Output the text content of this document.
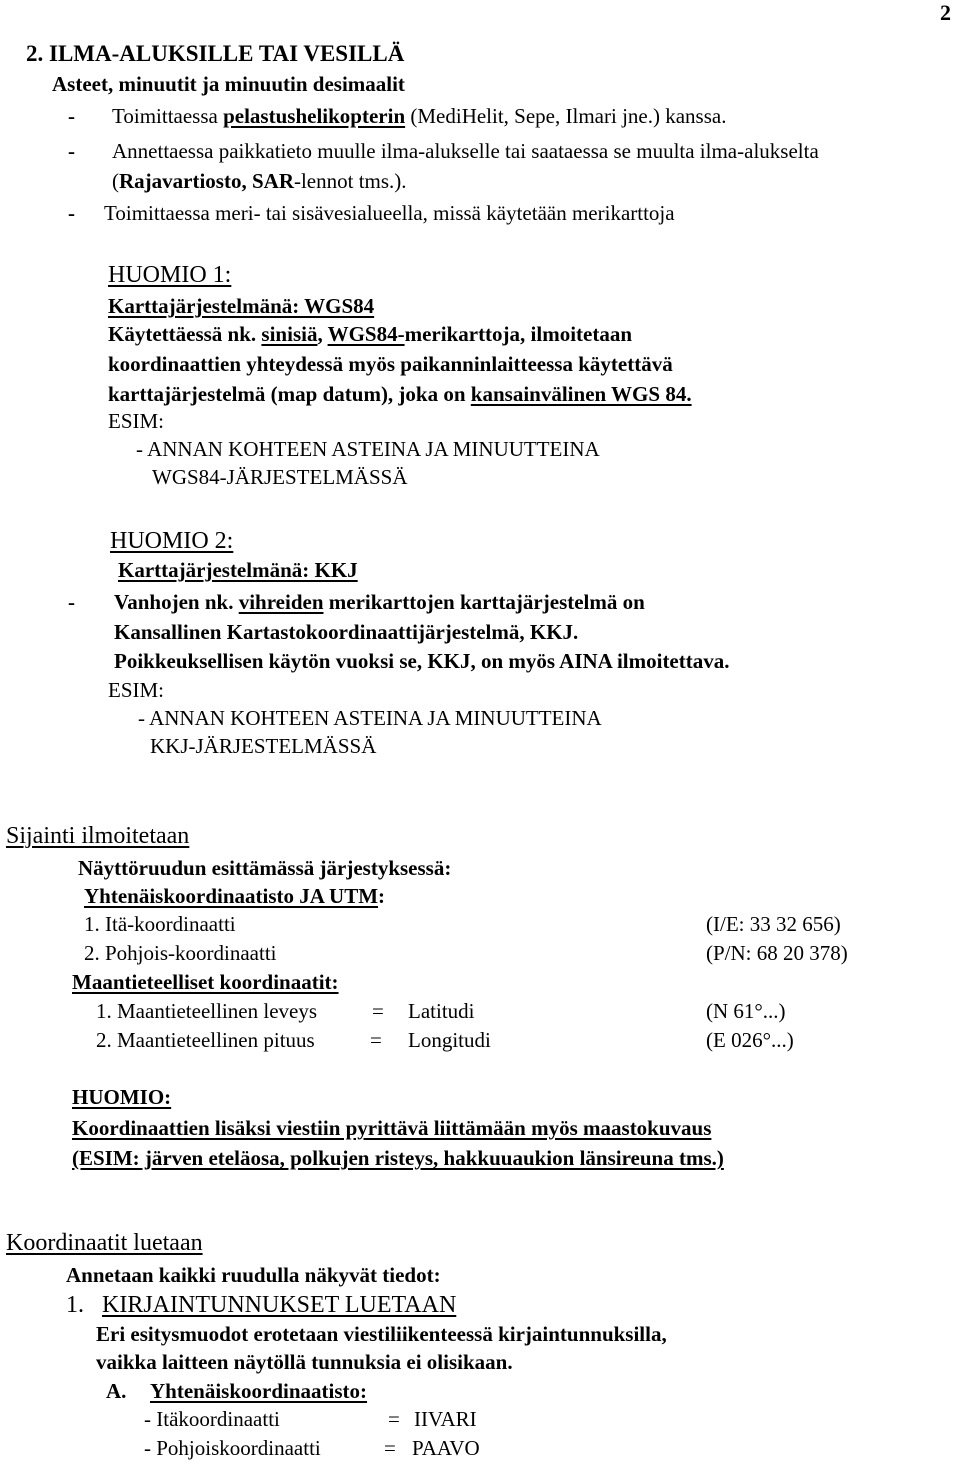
2
2. ILMA-ALUKSILLE TAI VESILLÄ
Asteet, minuutit ja minuutin desimaalit
- Toimittaessa pelastushelikopterin (MediHelit, Sepe, Ilmari jne.) kanssa.
- Annettaessa paikkatieto muulle ilma-alukselle tai saataessa se muulta ilma-alukselta
(Rajavartiosto, SAR-lennot tms.).
- Toimittaessa meri- tai sisävesialueella, missä käytetään merikarttoja
HUOMIO 1:
Karttajärjestelmänä: WGS84
Käytettäessä nk. sinisiä, WGS84-merikarttoja, ilmoitetaan
koordinaattien yhteydessä myös paikanninlaitteessa käytettävä
karttajärjestelmä (map datum), joka on kansainvälinen WGS 84.
ESIM:
- ANNAN KOHTEEN ASTEINA JA MINUUTTEINA
WGS84-JÄRJESTELMÄSSÄ
HUOMIO 2:
Karttajärjestelmänä: KKJ
- Vanhojen nk. vihreiden merikarttojen karttajärjestelmä on
Kansallinen Kartastokoordinaattijärjestelmä, KKJ.
Poikkeuksellisen käytön vuoksi se, KKJ, on myös AINA ilmoitettava.
ESIM:
- ANNAN KOHTEEN ASTEINA JA MINUUTTEINA
KKJ-JÄRJESTELMÄSSÄ
Sijainti ilmoitetaan
Näyttöruudun esittämässä järjestyksessä:
Yhtenäiskoordinaatisto JA UTM:
1. Itä-koordinaatti	(I/E: 33 32 656)
2. Pohjois-koordinaatti	(P/N: 68 20 378)
Maantieteelliset koordinaatit:
1. Maantieteellinen leveys	= Latitudi	(N 61°...)
2. Maantieteellinen pituus	= Longitudi	(E 026°...)
HUOMIO:
Koordinaattien lisäksi viestiin pyrittävä liittämään myös maastokuvaus
(ESIM: järven eteläosa, polkujen risteys, hakkuuaukion länsireuna tms.)
Koordinaatit luetaan
Annetaan kaikki ruudulla näkyvät tiedot:
1. KIRJAINTUNNUKSET LUETAAN
Eri esitysmuodot erotetaan viestiliikenteessä kirjaintunnuksilla,
vaikka laitteen näytöllä tunnuksia ei olisikaan.
A. Yhtenäiskoordinaatisto:
- Itäkoordinaatti	= IIVARI
- Pohjoiskoordinaatti	= PAAVO
